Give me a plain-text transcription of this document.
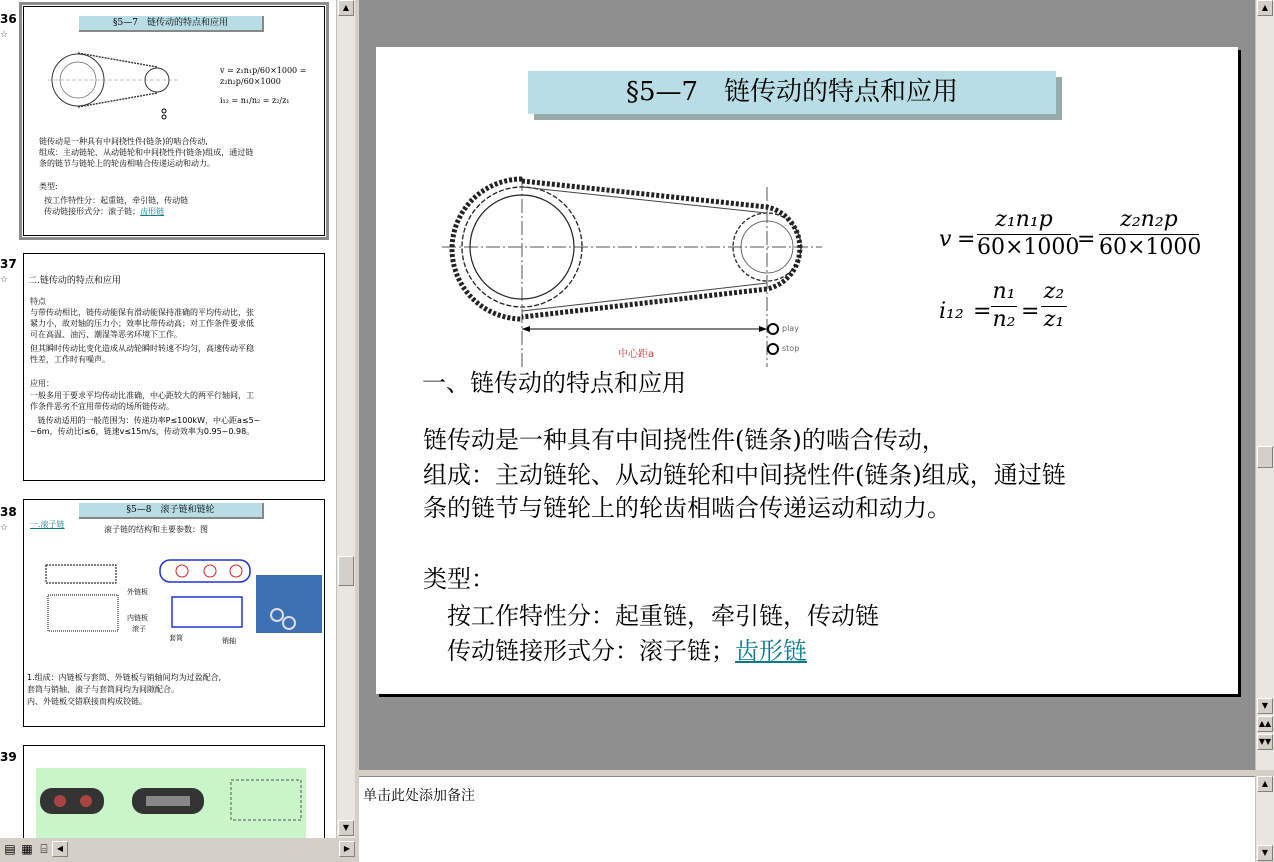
36
☆
§5—7　链传动的特点和应用
v = z₁n₁p/60×1000 = z₂n₂p/60×1000
i₁₂ = n₁/n₂ = z₂/z₁
链传动是一种具有中间挠性件(链条)的啮合传动,
组成：主动链轮、从动链轮和中间挠性件(链条)组成，通过链
条的链节与链轮上的轮齿相啮合传递运动和动力。
类型:
按工作特性分：起重链，牵引链，传动链
传动链接形式分：滚子链；齿形链
37
☆ 二.链传动的特点和应用
特点
与带传动相比，链传动能保有滑动能保持准确的平均传动比，张
紧力小，故对轴的压力小；效率比带传动高；对工作条件要求低
可在高温、油污、潮湿等恶劣环境下工作。
但其瞬时传动比变化造成从动轮瞬时转速不均匀，高速传动平稳
性差，工作时有噪声。
应用：
一般多用于要求平均传动比准确，中心距较大的两平行轴间，工
作条件恶劣不宜用带传动的场所链传动。
链传动适用的一般范围为：传递功率P≤100kW，中心距a≤5~
~6m，传动比i≤6，链速v≤15m/s，传动效率为0.95~0.98。
38
☆
§5—8　滚子链和链轮
一.滚子链
滚子链的结构和主要参数：图
外链板
内链板
滚子
套筒	销轴
1.组成：内链板与套筒、外链板与销轴间均为过盈配合,
套筒与销轴、滚子与套筒间均为间隙配合。
内、外链板交错联接而构成铰链。
39
▲
▼
§5—7　链传动的特点和应用
中心距a
play
stop
v =
z₁n₁p
60×1000
=
z₂n₂p
60×1000
i₁₂ =
n₁
n₂ =
z₂
z₁
一、链传动的特点和应用
链传动是一种具有中间挠性件(链条)的啮合传动，
组成：主动链轮、从动链轮和中间挠性件(链条)组成，通过链
条的链节与链轮上的轮齿相啮合传递运动和动力。
类型：
　按工作特性分：起重链，牵引链，传动链
　传动链接形式分：滚子链；齿形链
▲
▼
▲▲
▼▼
单击此处添加备注
▲
▼
▤ ▦ ⌸	◀	▶
